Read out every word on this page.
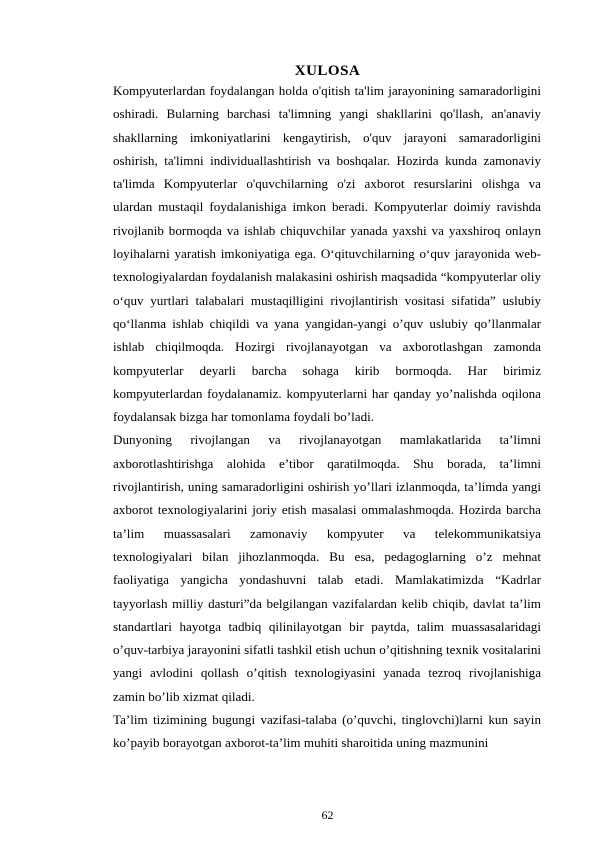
XULOSA

Kompyuterlardan foydalangan holda o'qitish ta'lim jarayonining samaradorligini oshiradi. Bularning barchasi ta'limning yangi shakllarini qo'llash, an'anaviy shakllarning imkoniyatlarini kengaytirish, o'quv jarayoni samaradorligini oshirish, ta'limni individuallashtirish va boshqalar. Hozirda kunda zamonaviy ta'limda Kompyuterlar o'quvchilarning o'zi axborot resurslarini olishga va ulardan mustaqil foydalanishiga imkon beradi. Kompyuterlar doimiy ravishda rivojlanib bormoqda va ishlab chiquvchilar yanada yaxshi va yaxshiroq onlayn loyihalarni yaratish imkoniyatiga ega. O‘qituvchilarning o‘quv jarayonida web-texnologiyalardan foydalanish malakasini oshirish maqsadida “kompyuterlar oliy o‘quv yurtlari talabalari mustaqilligini rivojlantirish vositasi sifatida” uslubiy qo‘llanma ishlab chiqildi va yana yangidan-yangi o’quv uslubiy qo’llanmalar ishlab chiqilmoqda. Hozirgi rivojlanayotgan va axborotlashgan zamonda kompyuterlar deyarli barcha sohaga kirib bormoqda. Har birimiz kompyuterlardan foydalanamiz. kompyuterlarni har qanday yo’nalishda oqilona foydalansak bizga har tomonlama foydali bo’ladi.

Dunyoning rivojlangan va rivojlanayotgan mamlakatlarida ta’limni axborotlashtirishga alohida e’tibor qaratilmoqda. Shu borada, ta’limni rivojlantirish, uning samaradorligini oshirish yo’llari izlanmoqda, ta’limda yangi axborot texnologiyalarini joriy etish masalasi ommalashmoqda. Hozirda barcha ta’lim muassasalari zamonaviy kompyuter va telekommunikatsiya texnologiyalari bilan jihozlanmoqda. Bu esa, pedagoglarning o’z mehnat faoliyatiga yangicha yondashuvni talab etadi. Mamlakatimizda “Kadrlar tayyorlash milliy dasturi”da belgilangan vazifalardan kelib chiqib, davlat ta’lim standartlari hayotga tadbiq qilinilayotgan bir paytda, talim muassasalaridagi o’quv-tarbiya jarayonini sifatli tashkil etish uchun o’qitishning texnik vositalarini yangi avlodini qollash o’qitish texnologiyasini yanada tezroq rivojlanishiga zamin bo’lib xizmat qiladi.

Ta’lim tizimining bugungi vazifasi-talaba (o’quvchi, tinglovchi)larni kun sayin ko’payib borayotgan axborot-ta’lim muhiti sharoitida uning mazmunini

62
